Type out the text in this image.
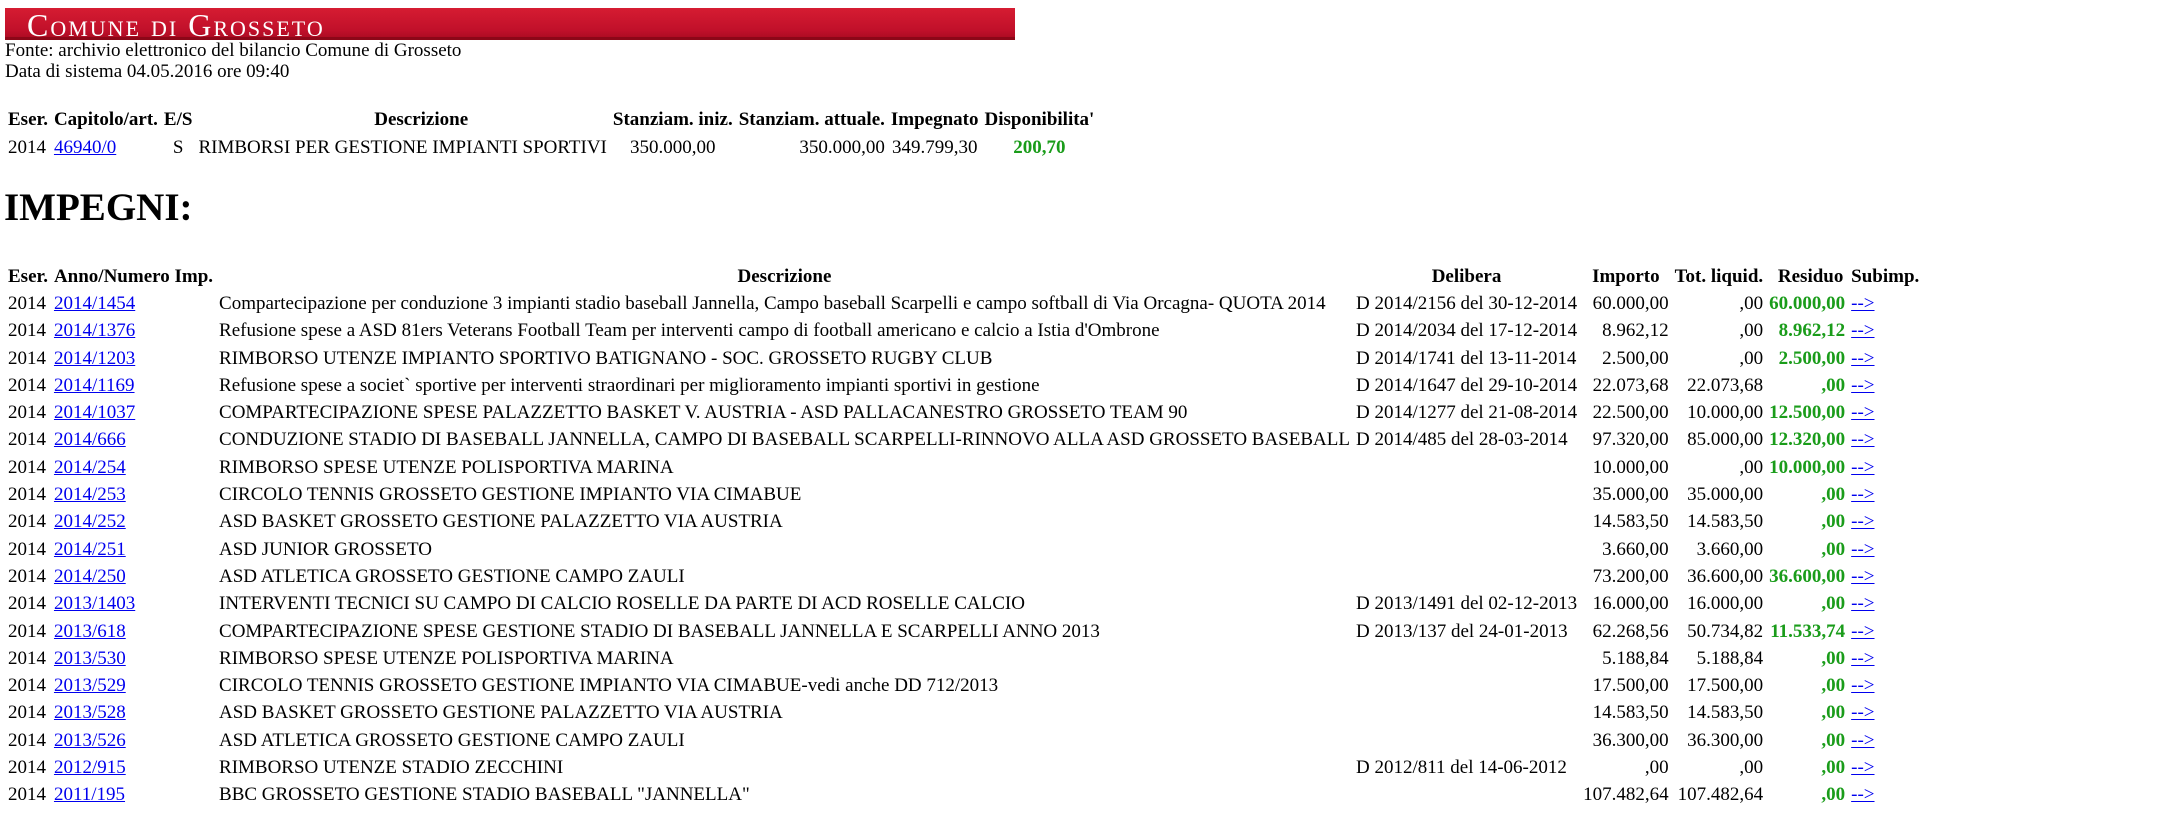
Comune di Grosseto
Fonte: archivio elettronico del bilancio Comune di Grosseto
Data di sistema 04.05.2016 ore 09:40
Eser.	Capitolo/art.	E/S	Descrizione	Stanziam. iniz.	Stanziam. attuale.	Impegnato	Disponibilita'
2014	46940/0	S	RIMBORSI PER GESTIONE IMPIANTI SPORTIVI	350.000,00	350.000,00	349.799,30	200,70
IMPEGNI:
Eser.	Anno/Numero Imp.	Descrizione	Delibera	Importo	Tot. liquid.	Residuo	Subimp.
2014	2014/1454	Compartecipazione per conduzione 3 impianti stadio baseball Jannella, Campo baseball Scarpelli e campo softball di Via Orcagna- QUOTA 2014	D 2014/2156 del 30-12-2014	60.000,00	,00	60.000,00	-->
2014	2014/1376	Refusione spese a ASD 81ers Veterans Football Team per interventi campo di football americano e calcio a Istia d'Ombrone	D 2014/2034 del 17-12-2014	8.962,12	,00	8.962,12	-->
2014	2014/1203	RIMBORSO UTENZE IMPIANTO SPORTIVO BATIGNANO - SOC. GROSSETO RUGBY CLUB	D 2014/1741 del 13-11-2014	2.500,00	,00	2.500,00	-->
2014	2014/1169	Refusione spese a societ` sportive per interventi straordinari per miglioramento impianti sportivi in gestione	D 2014/1647 del 29-10-2014	22.073,68	22.073,68	,00	-->
2014	2014/1037	COMPARTECIPAZIONE SPESE PALAZZETTO BASKET V. AUSTRIA - ASD PALLACANESTRO GROSSETO TEAM 90	D 2014/1277 del 21-08-2014	22.500,00	10.000,00	12.500,00	-->
2014	2014/666	CONDUZIONE STADIO DI BASEBALL JANNELLA, CAMPO DI BASEBALL SCARPELLI-RINNOVO ALLA ASD GROSSETO BASEBALL	D 2014/485 del 28-03-2014	97.320,00	85.000,00	12.320,00	-->
2014	2014/254	RIMBORSO SPESE UTENZE POLISPORTIVA MARINA		10.000,00	,00	10.000,00	-->
2014	2014/253	CIRCOLO TENNIS GROSSETO GESTIONE IMPIANTO VIA CIMABUE		35.000,00	35.000,00	,00	-->
2014	2014/252	ASD BASKET GROSSETO GESTIONE PALAZZETTO VIA AUSTRIA		14.583,50	14.583,50	,00	-->
2014	2014/251	ASD JUNIOR GROSSETO		3.660,00	3.660,00	,00	-->
2014	2014/250	ASD ATLETICA GROSSETO GESTIONE CAMPO ZAULI		73.200,00	36.600,00	36.600,00	-->
2014	2013/1403	INTERVENTI TECNICI SU CAMPO DI CALCIO ROSELLE DA PARTE DI ACD ROSELLE CALCIO	D 2013/1491 del 02-12-2013	16.000,00	16.000,00	,00	-->
2014	2013/618	COMPARTECIPAZIONE SPESE GESTIONE STADIO DI BASEBALL JANNELLA E SCARPELLI ANNO 2013	D 2013/137 del 24-01-2013	62.268,56	50.734,82	11.533,74	-->
2014	2013/530	RIMBORSO SPESE UTENZE POLISPORTIVA MARINA		5.188,84	5.188,84	,00	-->
2014	2013/529	CIRCOLO TENNIS GROSSETO GESTIONE IMPIANTO VIA CIMABUE-vedi anche DD 712/2013		17.500,00	17.500,00	,00	-->
2014	2013/528	ASD BASKET GROSSETO GESTIONE PALAZZETTO VIA AUSTRIA		14.583,50	14.583,50	,00	-->
2014	2013/526	ASD ATLETICA GROSSETO GESTIONE CAMPO ZAULI		36.300,00	36.300,00	,00	-->
2014	2012/915	RIMBORSO UTENZE STADIO ZECCHINI	D 2012/811 del 14-06-2012	,00	,00	,00	-->
2014	2011/195	BBC GROSSETO GESTIONE STADIO BASEBALL "JANNELLA"		107.482,64	107.482,64	,00	-->
